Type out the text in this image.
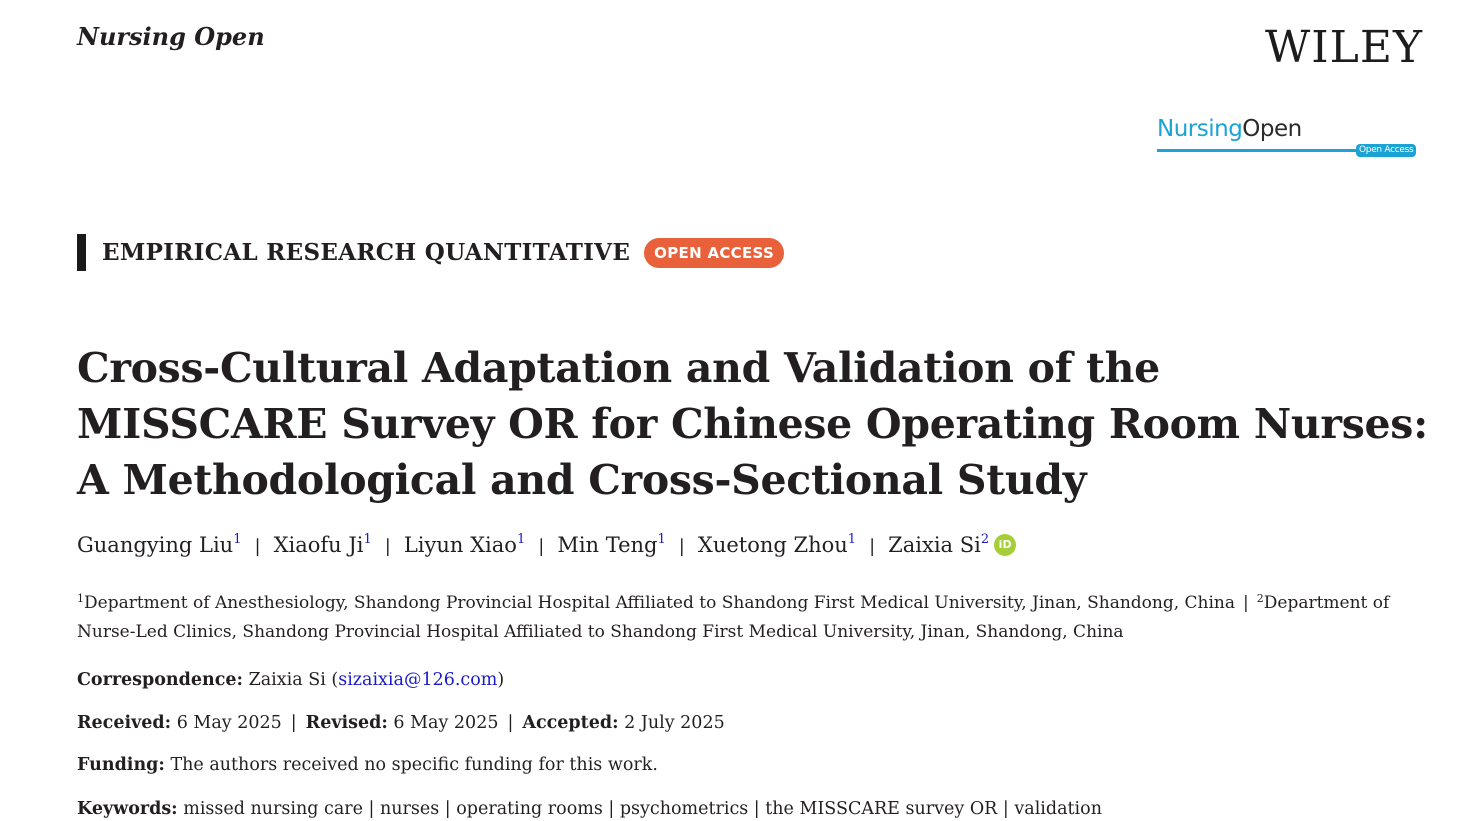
Nursing Open	WILEY
NursingOpen
Open Access
EMPIRICAL RESEARCH QUANTITATIVE	OPEN ACCESS
Cross-Cultural Adaptation and Validation of the
MISSCARE Survey OR for Chinese Operating Room Nurses:
A Methodological and Cross-Sectional Study
Guangying Liu$^1$ | Xiaofu Ji$^1$ | Liyun Xiao$^1$ | Min Teng$^1$ | Xuetong Zhou$^1$ | Zaixia Si$^2$ iD
$^1$Department of Anesthesiology, Shandong Provincial Hospital Affiliated to Shandong First Medical University, Jinan, Shandong, China | $^2$Department of Nurse-Led Clinics, Shandong Provincial Hospital Affiliated to Shandong First Medical University, Jinan, Shandong, China
Correspondence: Zaixia Si (sizaixia@126.com)
Received: 6 May 2025 | Revised: 6 May 2025 | Accepted: 2 July 2025
Funding: The authors received no specific funding for this work.
Keywords: missed nursing care | nurses | operating rooms | psychometrics | the MISSCARE survey OR | validation
